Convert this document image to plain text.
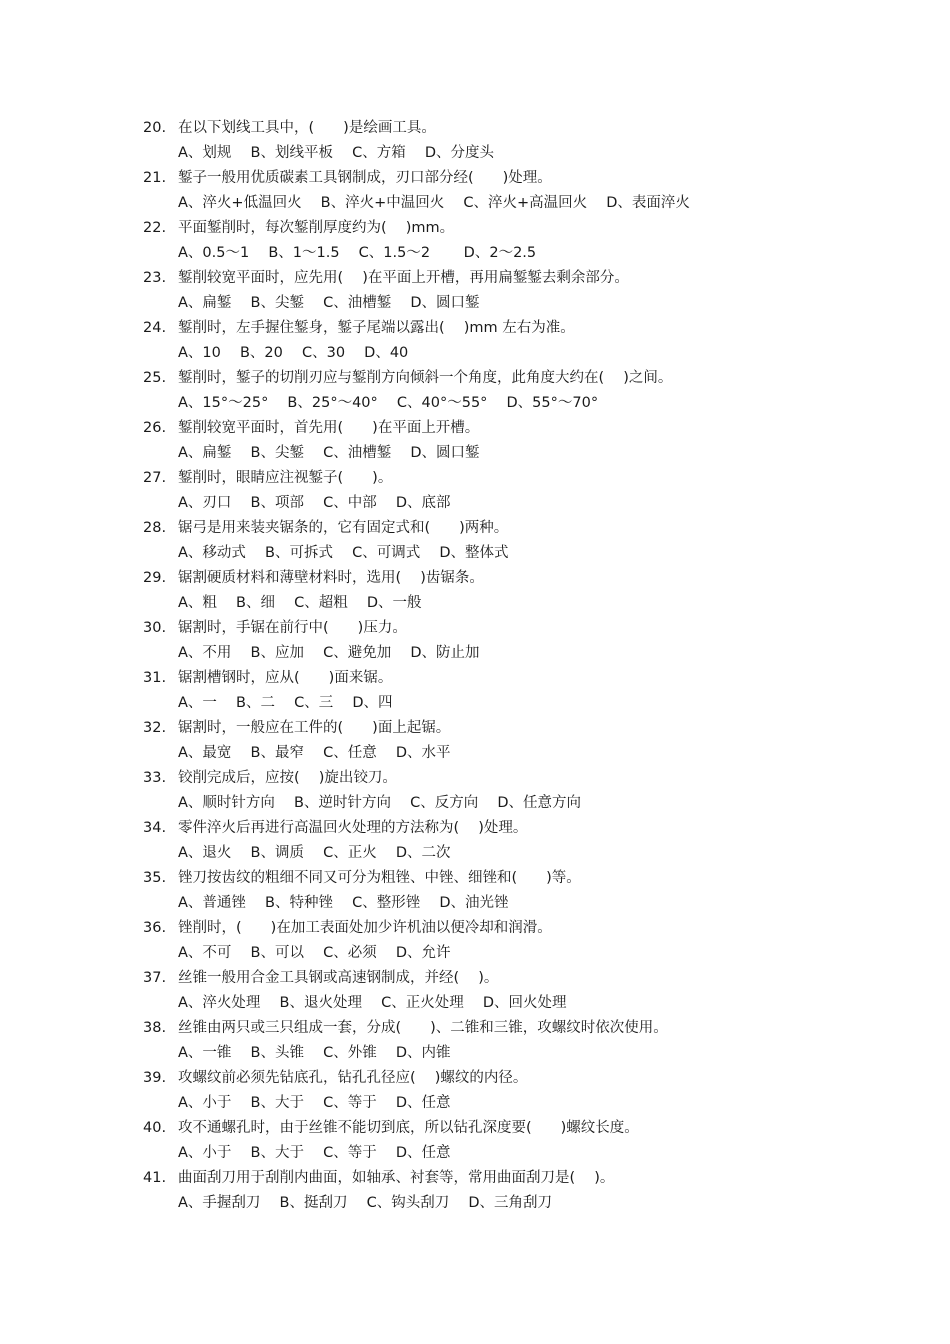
20. 在以下划线工具中，(　　)是绘画工具。
A、划规　 B、划线平板　 C、方箱　 D、分度头
21. 錾子一般用优质碳素工具钢制成，刃口部分经(　　)处理。
A、淬火+低温回火　 B、淬火+中温回火　 C、淬火+高温回火　 D、表面淬火
22. 平面錾削时，每次錾削厚度约为(　 )mm。
A、0.5～1　 B、1～1.5　 C、1.5～2　　 D、2～2.5
23. 錾削较宽平面时，应先用(　 )在平面上开槽，再用扁錾錾去剩余部分。
A、扁錾　 B、尖錾　 C、油槽錾　 D、圆口錾
24. 錾削时，左手握住錾身，錾子尾端以露出(　 )mm 左右为准。
A、10　 B、20　 C、30　 D、40
25. 錾削时，錾子的切削刃应与錾削方向倾斜一个角度，此角度大约在(　 )之间。
A、15°～25°　 B、25°～40°　 C、40°～55°　 D、55°～70°
26. 錾削较宽平面时，首先用(　　)在平面上开槽。
A、扁錾　 B、尖錾　 C、油槽錾　 D、圆口錾
27. 錾削时，眼睛应注视錾子(　　)。
A、刃口　 B、项部　 C、中部　 D、底部
28. 锯弓是用来装夹锯条的，它有固定式和(　　)两种。
A、移动式　 B、可拆式　 C、可调式　 D、整体式
29. 锯割硬质材料和薄壁材料时，选用(　 )齿锯条。
A、粗　 B、细　 C、超粗　 D、一般
30. 锯割时，手锯在前行中(　　)压力。
A、不用　 B、应加　 C、避免加　 D、防止加
31. 锯割槽钢时，应从(　　)面来锯。
A、一　 B、二　 C、三　 D、四
32. 锯割时，一般应在工件的(　　)面上起锯。
A、最宽　 B、最窄　 C、任意　 D、水平
33. 铰削完成后，应按(　 )旋出铰刀。
A、顺时针方向　 B、逆时针方向　 C、反方向　 D、任意方向
34. 零件淬火后再进行高温回火处理的方法称为(　 )处理。
A、退火　 B、调质　 C、正火　 D、二次
35. 锉刀按齿纹的粗细不同又可分为粗锉、中锉、细锉和(　　)等。
A、普通锉　 B、特种锉　 C、整形锉　 D、油光锉
36. 锉削时，(　　)在加工表面处加少许机油以便冷却和润滑。
A、不可　 B、可以　 C、必须　 D、允许
37. 丝锥一般用合金工具钢或高速钢制成，并经(　 )。
A、淬火处理　 B、退火处理　 C、正火处理　 D、回火处理
38. 丝锥由两只或三只组成一套，分成(　　)、二锥和三锥，攻螺纹时依次使用。
A、一锥　 B、头锥　 C、外锥　 D、内锥
39. 攻螺纹前必须先钻底孔，钻孔孔径应(　 )螺纹的内径。
A、小于　 B、大于　 C、等于　 D、任意
40. 攻不通螺孔时，由于丝锥不能切到底，所以钻孔深度要(　　)螺纹长度。
A、小于　 B、大于　 C、等于　 D、任意
41. 曲面刮刀用于刮削内曲面，如轴承、衬套等，常用曲面刮刀是(　 )。
A、手握刮刀　 B、挺刮刀　 C、钩头刮刀　 D、三角刮刀
